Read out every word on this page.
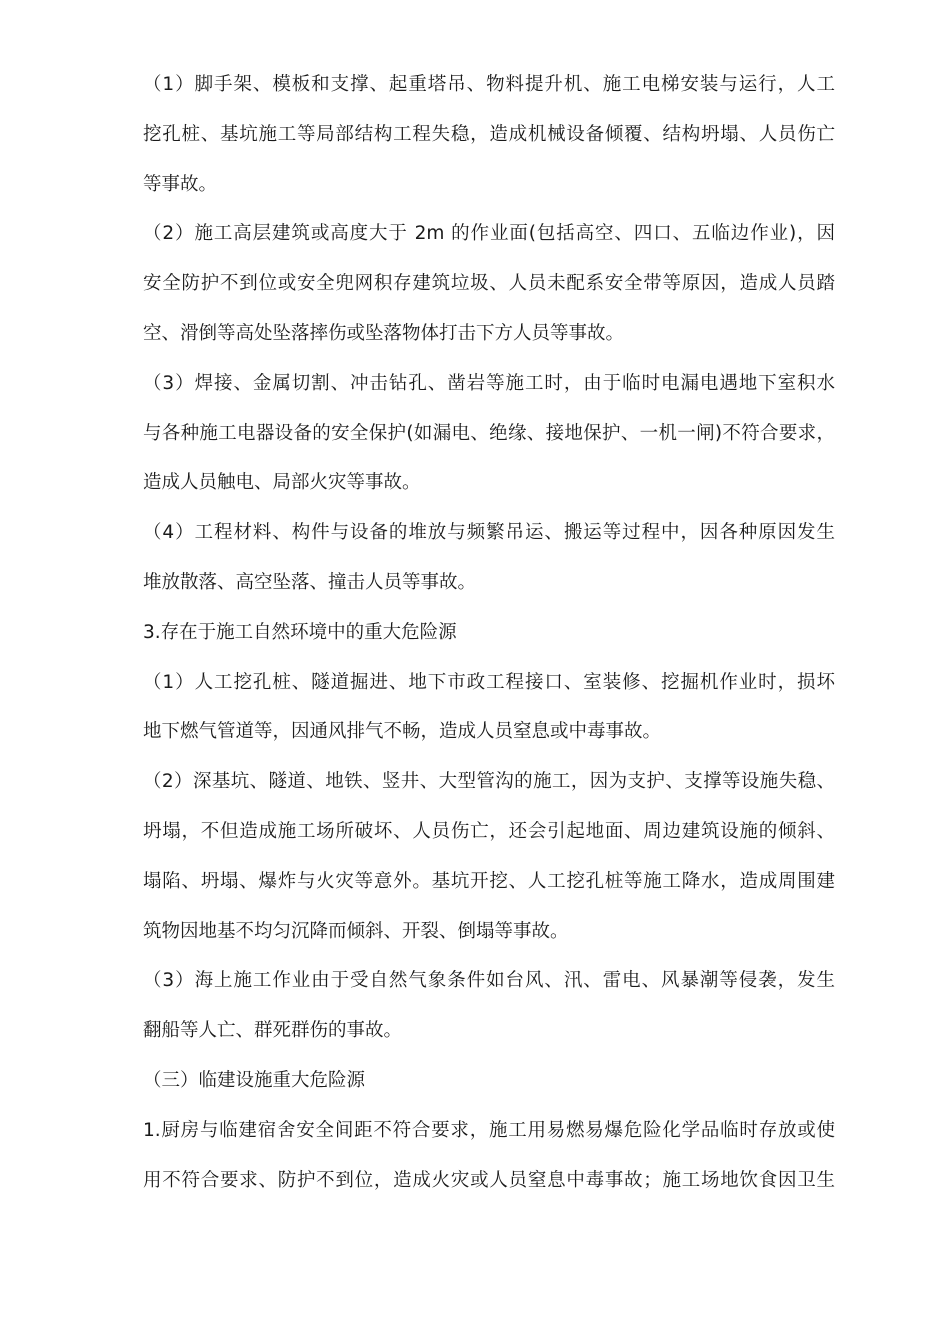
（1）脚手架、模板和支撑、起重塔吊、物料提升机、施工电梯安装与运行，人工
挖孔桩、基坑施工等局部结构工程失稳，造成机械设备倾覆、结构坍塌、人员伤亡
等事故。
（2）施工高层建筑或高度大于 2m 的作业面(包括高空、四口、五临边作业)，因
安全防护不到位或安全兜网积存建筑垃圾、人员未配系安全带等原因，造成人员踏
空、滑倒等高处坠落摔伤或坠落物体打击下方人员等事故。
（3）焊接、金属切割、冲击钻孔、凿岩等施工时，由于临时电漏电遇地下室积水
与各种施工电器设备的安全保护(如漏电、绝缘、接地保护、一机一闸)不符合要求，
造成人员触电、局部火灾等事故。
（4）工程材料、构件与设备的堆放与频繁吊运、搬运等过程中，因各种原因发生
堆放散落、高空坠落、撞击人员等事故。
3.存在于施工自然环境中的重大危险源
（1）人工挖孔桩、隧道掘进、地下市政工程接口、室装修、挖掘机作业时，损坏
地下燃气管道等，因通风排气不畅，造成人员窒息或中毒事故。
（2）深基坑、隧道、地铁、竖井、大型管沟的施工，因为支护、支撑等设施失稳、
坍塌，不但造成施工场所破坏、人员伤亡，还会引起地面、周边建筑设施的倾斜、
塌陷、坍塌、爆炸与火灾等意外。基坑开挖、人工挖孔桩等施工降水，造成周围建
筑物因地基不均匀沉降而倾斜、开裂、倒塌等事故。
（3）海上施工作业由于受自然气象条件如台风、汛、雷电、风暴潮等侵袭，发生
翻船等人亡、群死群伤的事故。
（三）临建设施重大危险源
1.厨房与临建宿舍安全间距不符合要求，施工用易燃易爆危险化学品临时存放或使
用不符合要求、防护不到位，造成火灾或人员窒息中毒事故；施工场地饮食因卫生
